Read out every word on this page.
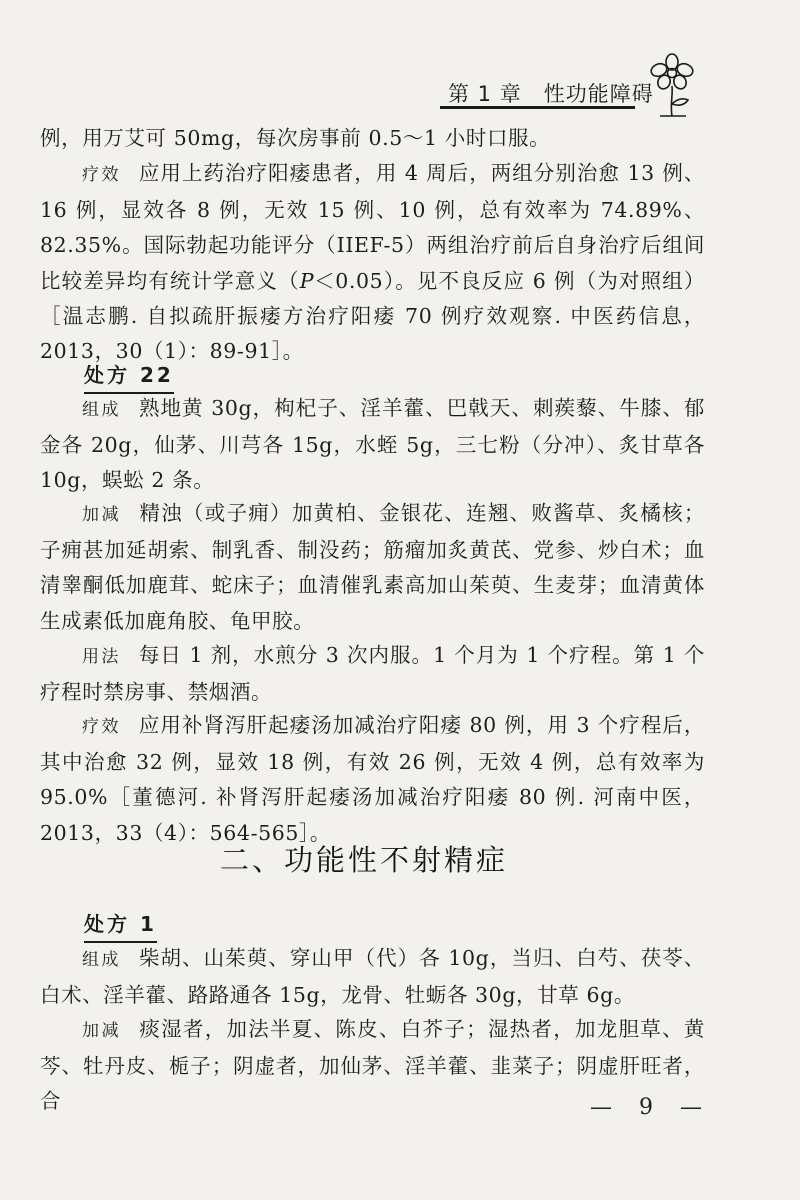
第 1 章　性功能障碍
例，用万艾可 50mg，每次房事前 0.5～1 小时口服。
疗效 应用上药治疗阳痿患者，用 4 周后，两组分别治愈 13 例、16 例，显效各 8 例，无效 15 例、10 例，总有效率为 74.89%、82.35%。国际勃起功能评分（IIEF-5）两组治疗前后自身治疗后组间比较差异均有统计学意义（P＜0.05）。见不良反应 6 例（为对照组）［温志鹏. 自拟疏肝振痿方治疗阳痿 70 例疗效观察. 中医药信息，2013，30（1）：89-91］。
处方 22
组成 熟地黄 30g，枸杞子、淫羊藿、巴戟天、刺蒺藜、牛膝、郁金各 20g，仙茅、川芎各 15g，水蛭 5g，三七粉（分冲）、炙甘草各 10g，蜈蚣 2 条。
加减 精浊（或子痈）加黄柏、金银花、连翘、败酱草、炙橘核；子痈甚加延胡索、制乳香、制没药；筋瘤加炙黄芪、党参、炒白术；血清睾酮低加鹿茸、蛇床子；血清催乳素高加山茱萸、生麦芽；血清黄体生成素低加鹿角胶、龟甲胶。
用法 每日 1 剂，水煎分 3 次内服。1 个月为 1 个疗程。第 1 个疗程时禁房事、禁烟酒。
疗效 应用补肾泻肝起痿汤加减治疗阳痿 80 例，用 3 个疗程后，其中治愈 32 例，显效 18 例，有效 26 例，无效 4 例，总有效率为 95.0%［董德河. 补肾泻肝起痿汤加减治疗阳痿 80 例. 河南中医，2013，33（4）：564-565］。
二、功能性不射精症
处方 1
组成 柴胡、山茱萸、穿山甲（代）各 10g，当归、白芍、茯苓、白术、淫羊藿、路路通各 15g，龙骨、牡蛎各 30g，甘草 6g。
加减 痰湿者，加法半夏、陈皮、白芥子；湿热者，加龙胆草、黄芩、牡丹皮、栀子；阴虚者，加仙茅、淫羊藿、韭菜子；阴虚肝旺者，合	— 9 —
